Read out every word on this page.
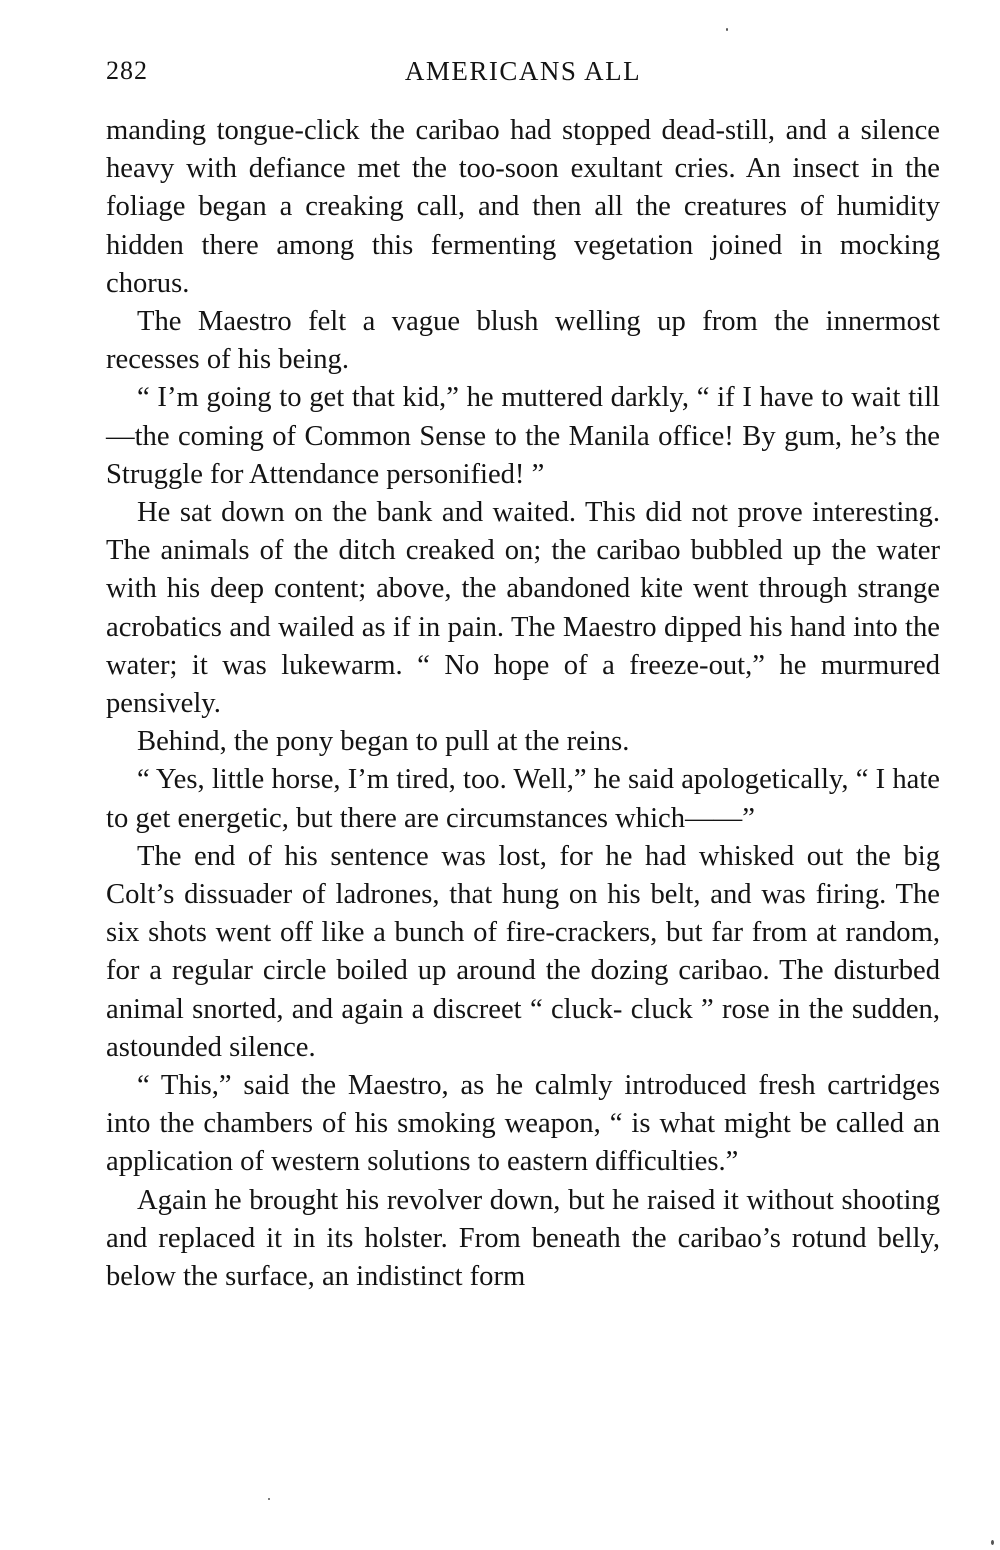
282	AMERICANS ALL

manding tongue-click the caribao had stopped dead-still, and a silence heavy with defiance met the too-soon exultant cries. An insect in the foliage began a creaking call, and then all the creatures of humidity hidden there among this fermenting vegetation joined in mocking chorus.

The Maestro felt a vague blush welling up from the innermost recesses of his being.

“ I’m going to get that kid,” he muttered darkly, “ if I have to wait till—the coming of Common Sense to the Manila office! By gum, he’s the Struggle for Attendance personified! ”

He sat down on the bank and waited. This did not prove interesting. The animals of the ditch creaked on; the caribao bubbled up the water with his deep content; above, the abandoned kite went through strange acrobatics and wailed as if in pain. The Maestro dipped his hand into the water; it was lukewarm. “ No hope of a freeze-out,” he murmured pensively.

Behind, the pony began to pull at the reins.

“ Yes, little horse, I’m tired, too. Well,” he said apologetically, “ I hate to get energetic, but there are circumstances which——”

The end of his sentence was lost, for he had whisked out the big Colt’s dissuader of ladrones, that hung on his belt, and was firing. The six shots went off like a bunch of fire-crackers, but far from at random, for a regular circle boiled up around the dozing caribao. The disturbed animal snorted, and again a discreet “ cluck- cluck ” rose in the sudden, astounded silence.

“ This,” said the Maestro, as he calmly introduced fresh cartridges into the chambers of his smoking weapon, “ is what might be called an application of western solutions to eastern difficulties.”

Again he brought his revolver down, but he raised it without shooting and replaced it in its holster. From beneath the caribao’s rotund belly, below the surface, an indistinct form
